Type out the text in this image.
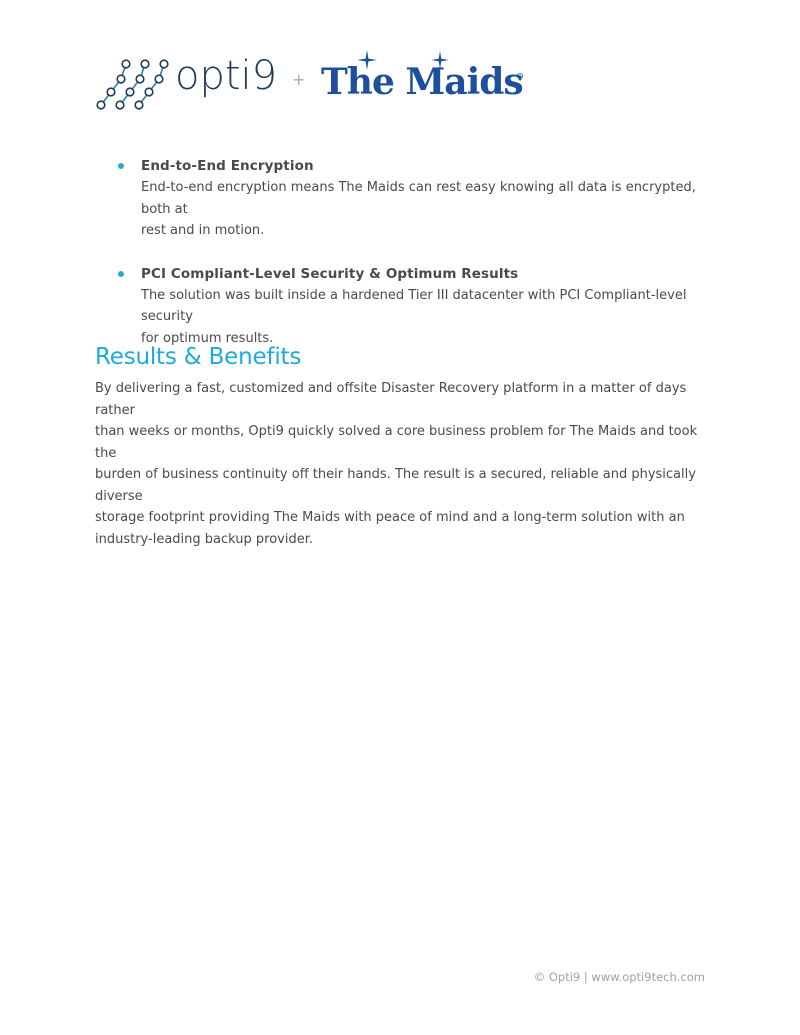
opti9 + The Maids
End-to-End Encryption
End-to-end encryption means The Maids can rest easy knowing all data is encrypted, both at
rest and in motion.
PCI Compliant-Level Security & Optimum Results
The solution was built inside a hardened Tier III datacenter with PCI Compliant-level security
for optimum results.
Results & Benefits
By delivering a fast, customized and offsite Disaster Recovery platform in a matter of days rather
than weeks or months, Opti9 quickly solved a core business problem for The Maids and took the
burden of business continuity off their hands. The result is a secured, reliable and physically diverse
storage footprint providing The Maids with peace of mind and a long-term solution with an
industry-leading backup provider.
© Opti9 | www.opti9tech.com
